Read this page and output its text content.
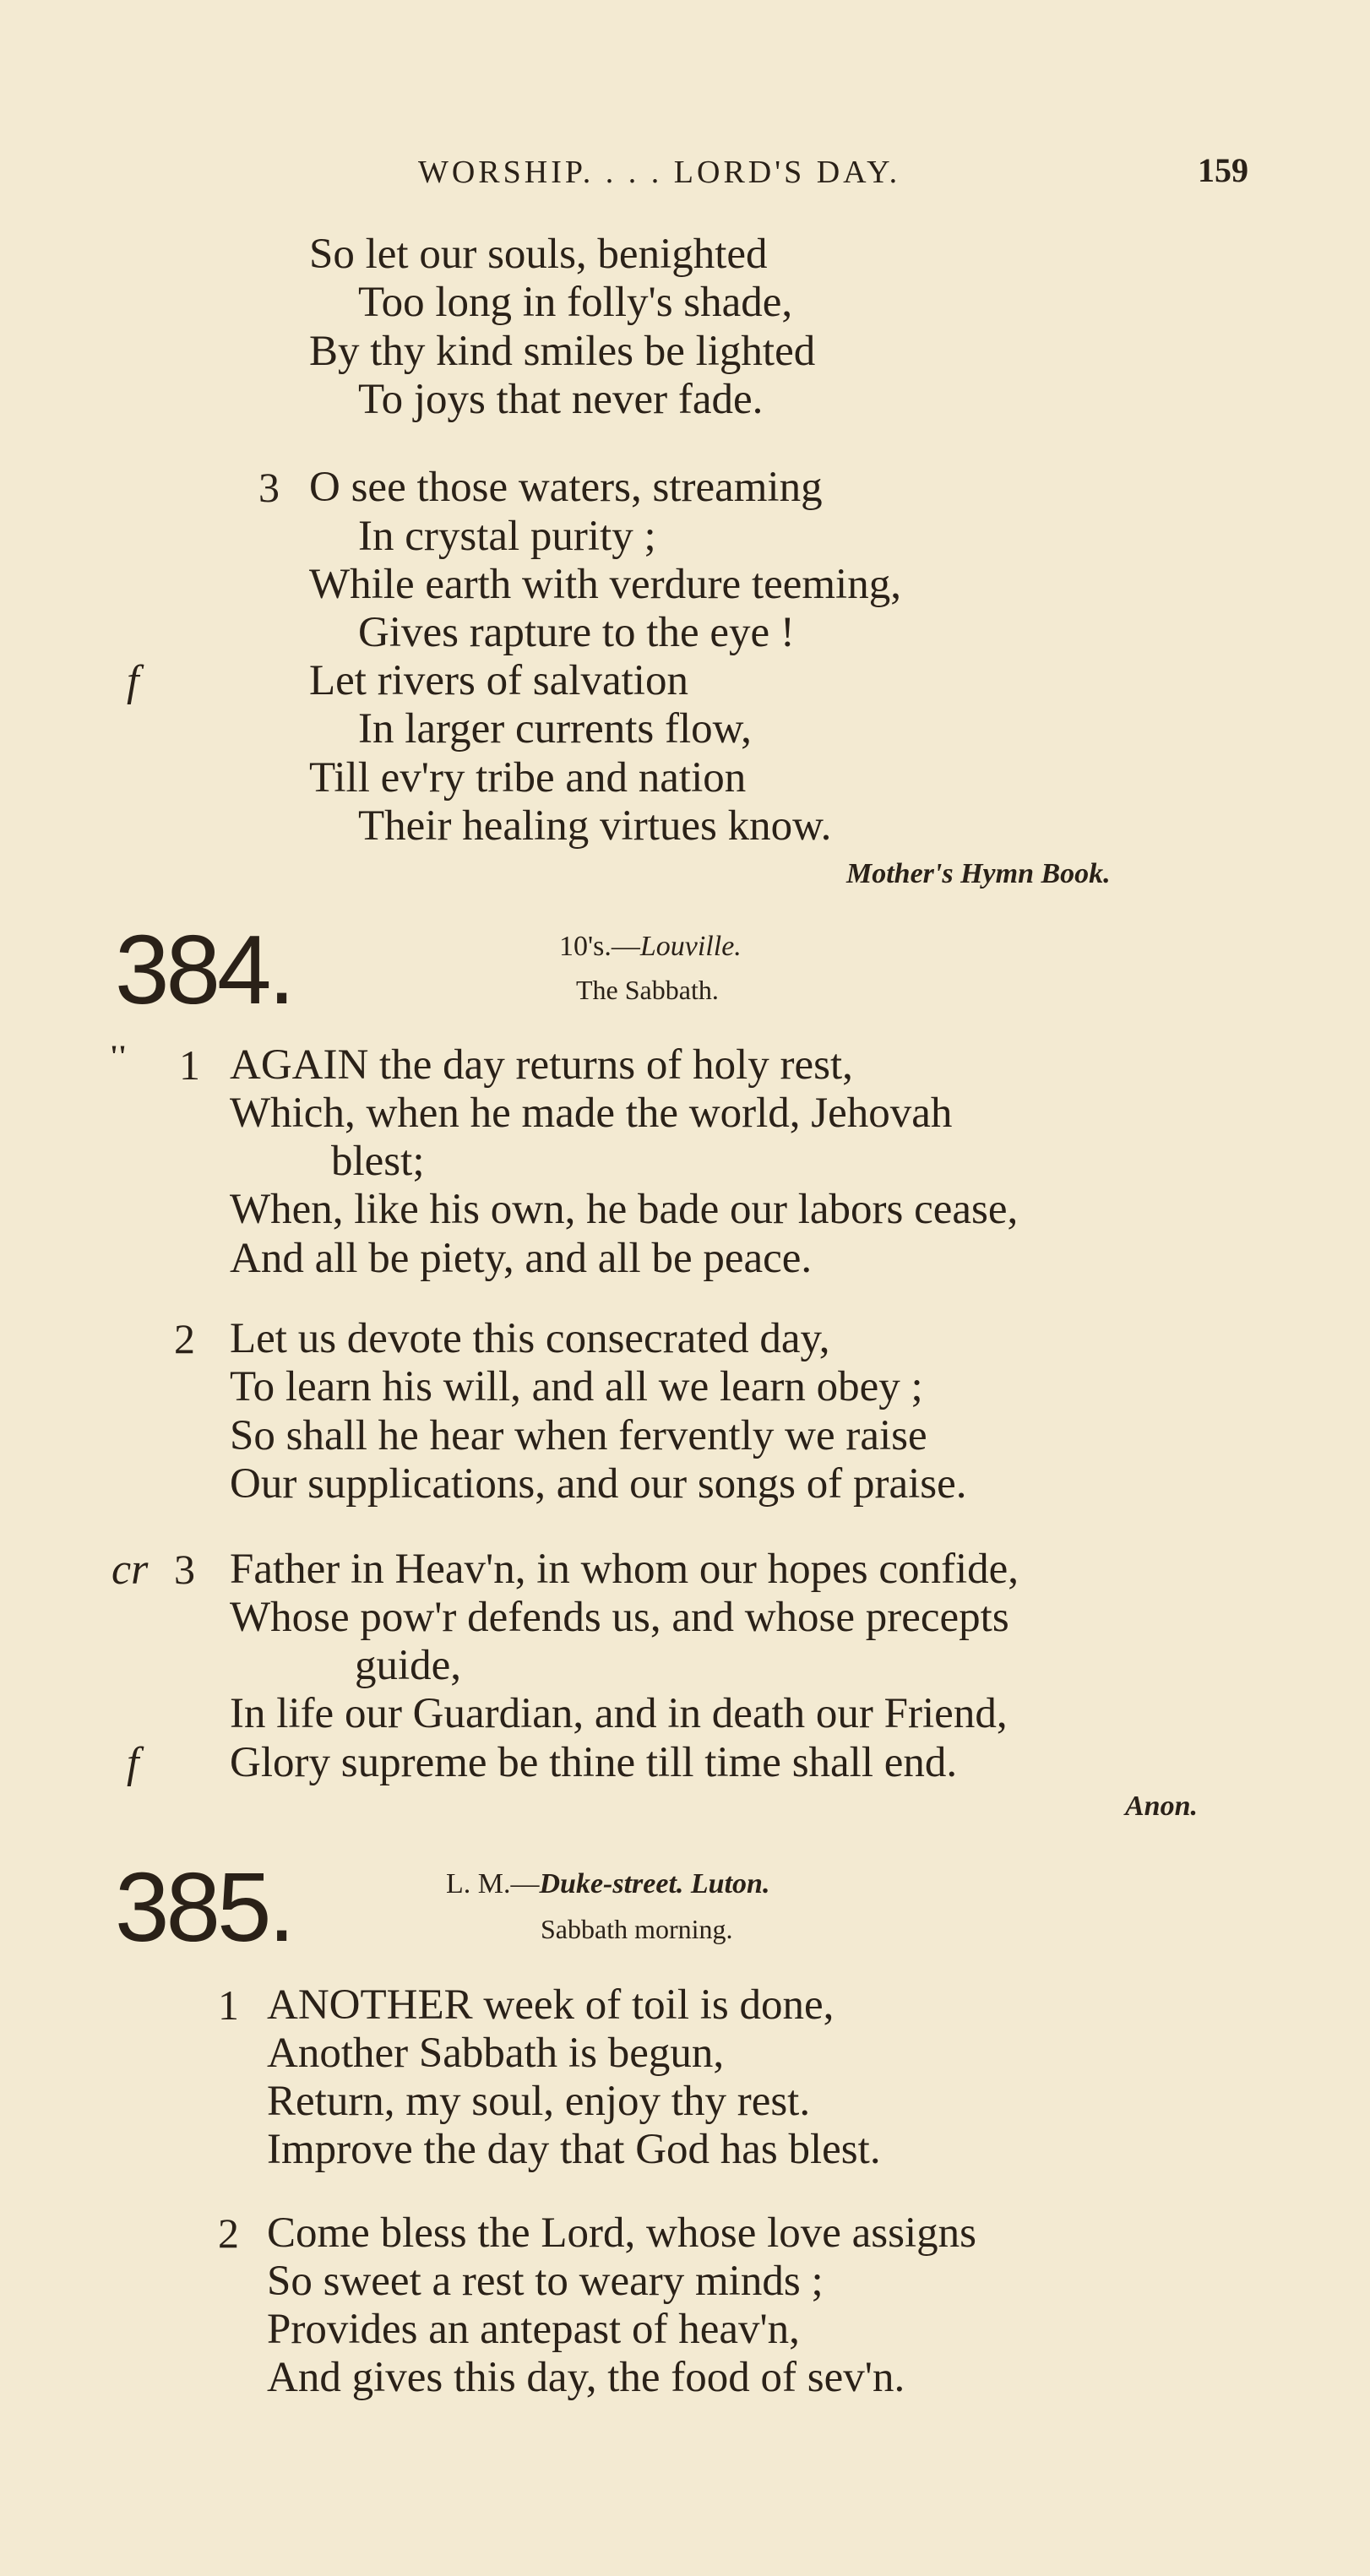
WORSHIP. . . . LORD'S DAY.	159
So let our souls, benighted
Too long in folly's shade,
By thy kind smiles be lighted
To joys that never fade.
3 O see those waters, streaming
In crystal purity ;
While earth with verdure teeming,
Gives rapture to the eye !
f	Let rivers of salvation
In larger currents flow,
Till ev'ry tribe and nation
Their healing virtues know.
Mother's Hymn Book.
384.	10's.—Louville.
The Sabbath.
'' 1 AGAIN the day returns of holy rest,
Which, when he made the world, Jehovah
blest;
When, like his own, he bade our labors cease,
And all be piety, and all be peace.
2 Let us devote this consecrated day,
To learn his will, and all we learn obey ;
So shall he hear when fervently we raise
Our supplications, and our songs of praise.
cr 3 Father in Heav'n, in whom our hopes confide,
Whose pow'r defends us, and whose precepts
guide,
In life our Guardian, and in death our Friend,
f Glory supreme be thine till time shall end.
Anon.
385.	L. M.—Duke-street. Luton.
Sabbath morning.
1 ANOTHER week of toil is done,
Another Sabbath is begun,
Return, my soul, enjoy thy rest.
Improve the day that God has blest.
2 Come bless the Lord, whose love assigns
So sweet a rest to weary minds ;
Provides an antepast of heav'n,
And gives this day, the food of sev'n.
